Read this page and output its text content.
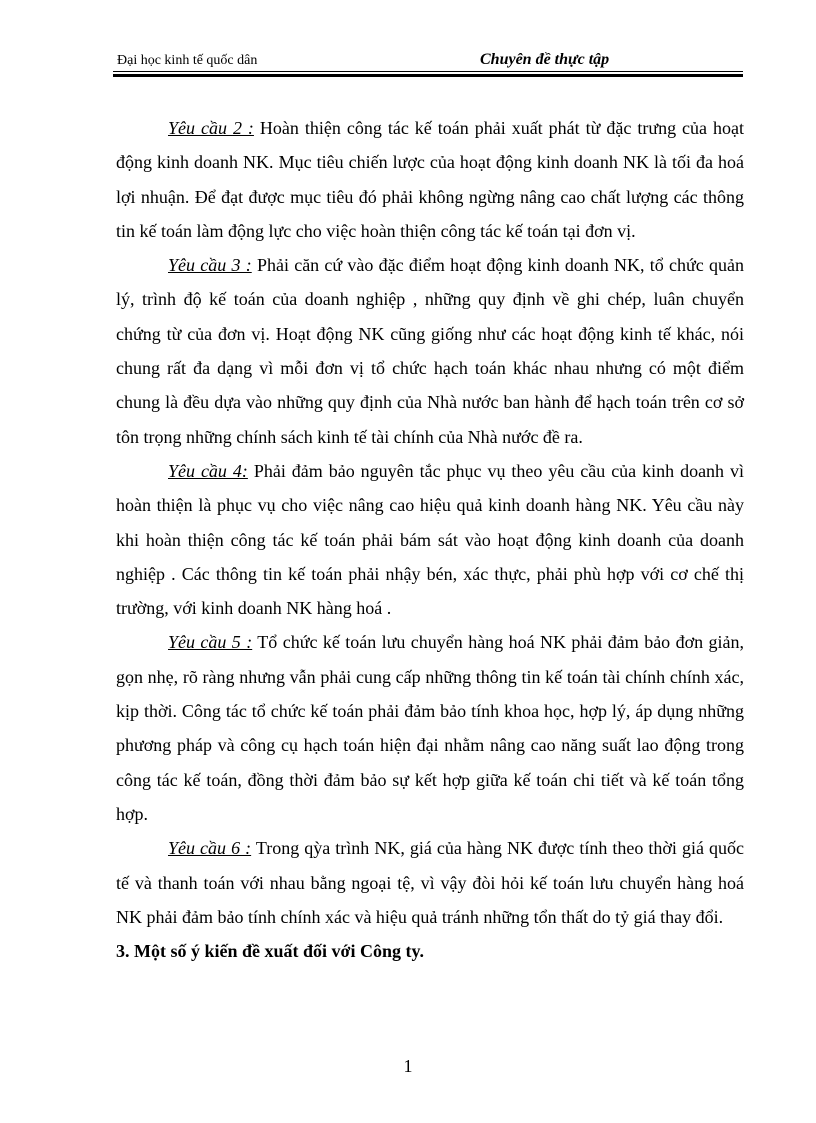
Đại học kinh tế quốc dân	Chuyên đề thực tập

Yêu cầu 2 : Hoàn thiện công tác kế toán phải xuất phát từ đặc trưng của hoạt động kinh doanh NK. Mục tiêu chiến lược của hoạt động kinh doanh NK là tối đa hoá lợi nhuận. Để đạt được mục tiêu đó phải không ngừng nâng cao chất lượng các thông tin kế toán làm động lực cho việc hoàn thiện công tác kế toán tại đơn vị.

Yêu cầu 3 : Phải căn cứ vào đặc điểm hoạt động kinh doanh NK, tổ chức quản lý, trình độ kế toán của doanh nghiệp , những quy định về ghi chép, luân chuyển chứng từ của đơn vị. Hoạt động NK cũng giống như các hoạt động kinh tế khác, nói chung rất đa dạng vì mỗi đơn vị tổ chức hạch toán khác nhau nhưng có một điểm chung là đều dựa vào những quy định của Nhà nước ban hành để hạch toán trên cơ sở tôn trọng những chính sách kinh tế tài chính của Nhà nước đề ra.

Yêu cầu 4: Phải đảm bảo nguyên tắc phục vụ theo yêu cầu của kinh doanh vì hoàn thiện là phục vụ cho việc nâng cao hiệu quả kinh doanh hàng NK. Yêu cầu này khi hoàn thiện công tác kế toán phải bám sát vào hoạt động kinh doanh của doanh nghiệp . Các thông tin kế toán phải nhậy bén, xác thực, phải phù hợp với cơ chế thị trường, với kinh doanh NK hàng hoá .

Yêu cầu 5 : Tổ chức kế toán lưu chuyển hàng hoá NK phải đảm bảo đơn giản, gọn nhẹ, rõ ràng nhưng vẫn phải cung cấp những thông tin kế toán tài chính chính xác, kịp thời. Công tác tổ chức kế toán phải đảm bảo tính khoa học, hợp lý, áp dụng những phương pháp và công cụ hạch toán hiện đại nhằm nâng cao năng suất lao động trong công tác kế toán, đồng thời đảm bảo sự kết hợp giữa kế toán chi tiết và kế toán tổng hợp.

Yêu cầu 6 : Trong qỳa trình NK, giá của hàng NK được tính theo thời giá quốc tế và thanh toán với nhau bằng ngoại tệ, vì vậy đòi hỏi kế toán lưu chuyển hàng hoá NK phải đảm bảo tính chính xác và hiệu quả tránh những tổn thất do tỷ giá thay đổi.

3. Một số ý kiến đề xuất đối với Công ty.

1
